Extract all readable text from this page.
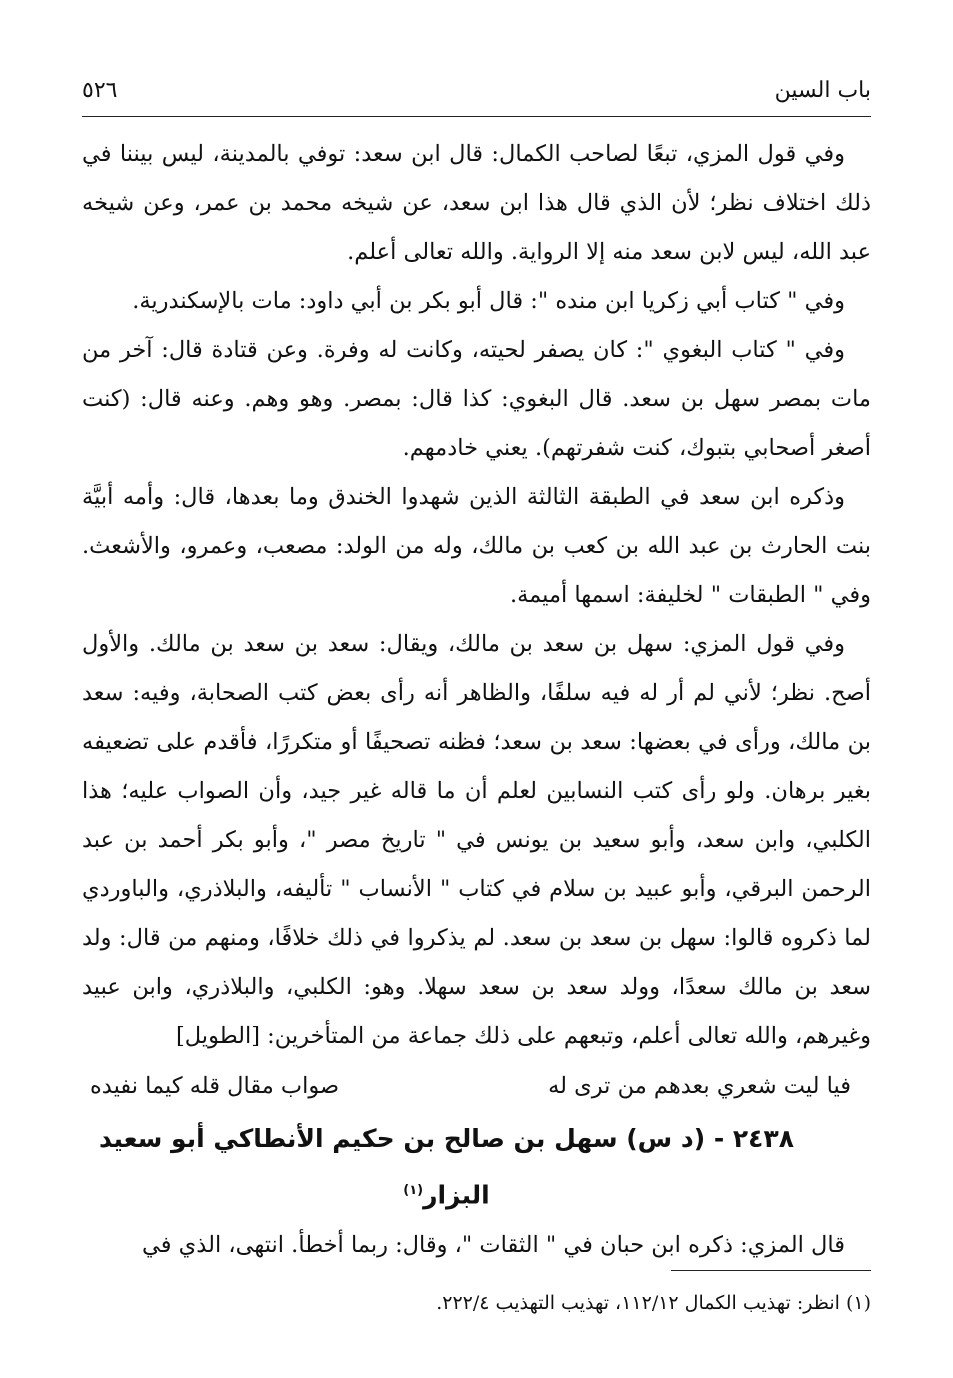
باب السين
٥٢٦

وفي قول المزي، تبعًا لصاحب الكمال: قال ابن سعد: توفي بالمدينة، ليس بيننا في ذلك اختلاف نظر؛ لأن الذي قال هذا ابن سعد، عن شيخه محمد بن عمر، وعن شيخه عبد الله، ليس لابن سعد منه إلا الرواية. والله تعالى أعلم.

وفي " كتاب أبي زكريا ابن منده ": قال أبو بكر بن أبي داود: مات بالإسكندرية.

وفي " كتاب البغوي ": كان يصفر لحيته، وكانت له وفرة. وعن قتادة قال: آخر من مات بمصر سهل بن سعد. قال البغوي: كذا قال: بمصر. وهو وهم. وعنه قال: (كنت أصغر أصحابي بتبوك، كنت شفرتهم). يعني خادمهم.

وذكره ابن سعد في الطبقة الثالثة الذين شهدوا الخندق وما بعدها، قال: وأمه أبيَّة بنت الحارث بن عبد الله بن كعب بن مالك، وله من الولد: مصعب، وعمرو، والأشعث. وفي " الطبقات " لخليفة: اسمها أميمة.

وفي قول المزي: سهل بن سعد بن مالك، ويقال: سعد بن سعد بن مالك. والأول أصح. نظر؛ لأني لم أر له فيه سلفًا، والظاهر أنه رأى بعض كتب الصحابة، وفيه: سعد بن مالك، ورأى في بعضها: سعد بن سعد؛ فظنه تصحيفًا أو متكررًا، فأقدم على تضعيفه بغير برهان. ولو رأى كتب النسابين لعلم أن ما قاله غير جيد، وأن الصواب عليه؛ هذا الكلبي، وابن سعد، وأبو سعيد بن يونس في " تاريخ مصر "، وأبو بكر أحمد بن عبد الرحمن البرقي، وأبو عبيد بن سلام في كتاب " الأنساب " تأليفه، والبلاذري، والباوردي لما ذكروه قالوا: سهل بن سعد بن سعد. لم يذكروا في ذلك خلافًا، ومنهم من قال: ولد سعد بن مالك سعدًا، وولد سعد بن سعد سهلا. وهو: الكلبي، والبلاذري، وابن عبيد وغيرهم، والله تعالى أعلم، وتبعهم على ذلك جماعة من المتأخرين: [الطويل]

فيا ليت شعري بعدهم من ترى له
صواب مقال قله كيما نفيده

٢٤٣٨ - (د س) سهل بن صالح بن حكيم الأنطاكي أبو سعيد البزار$^{(١)}$

قال المزي: ذكره ابن حبان في " الثقات "، وقال: ربما أخطأ. انتهى، الذي في

(١) انظر: تهذيب الكمال ١١٢/١٢، تهذيب التهذيب ٢٢٢/٤.
